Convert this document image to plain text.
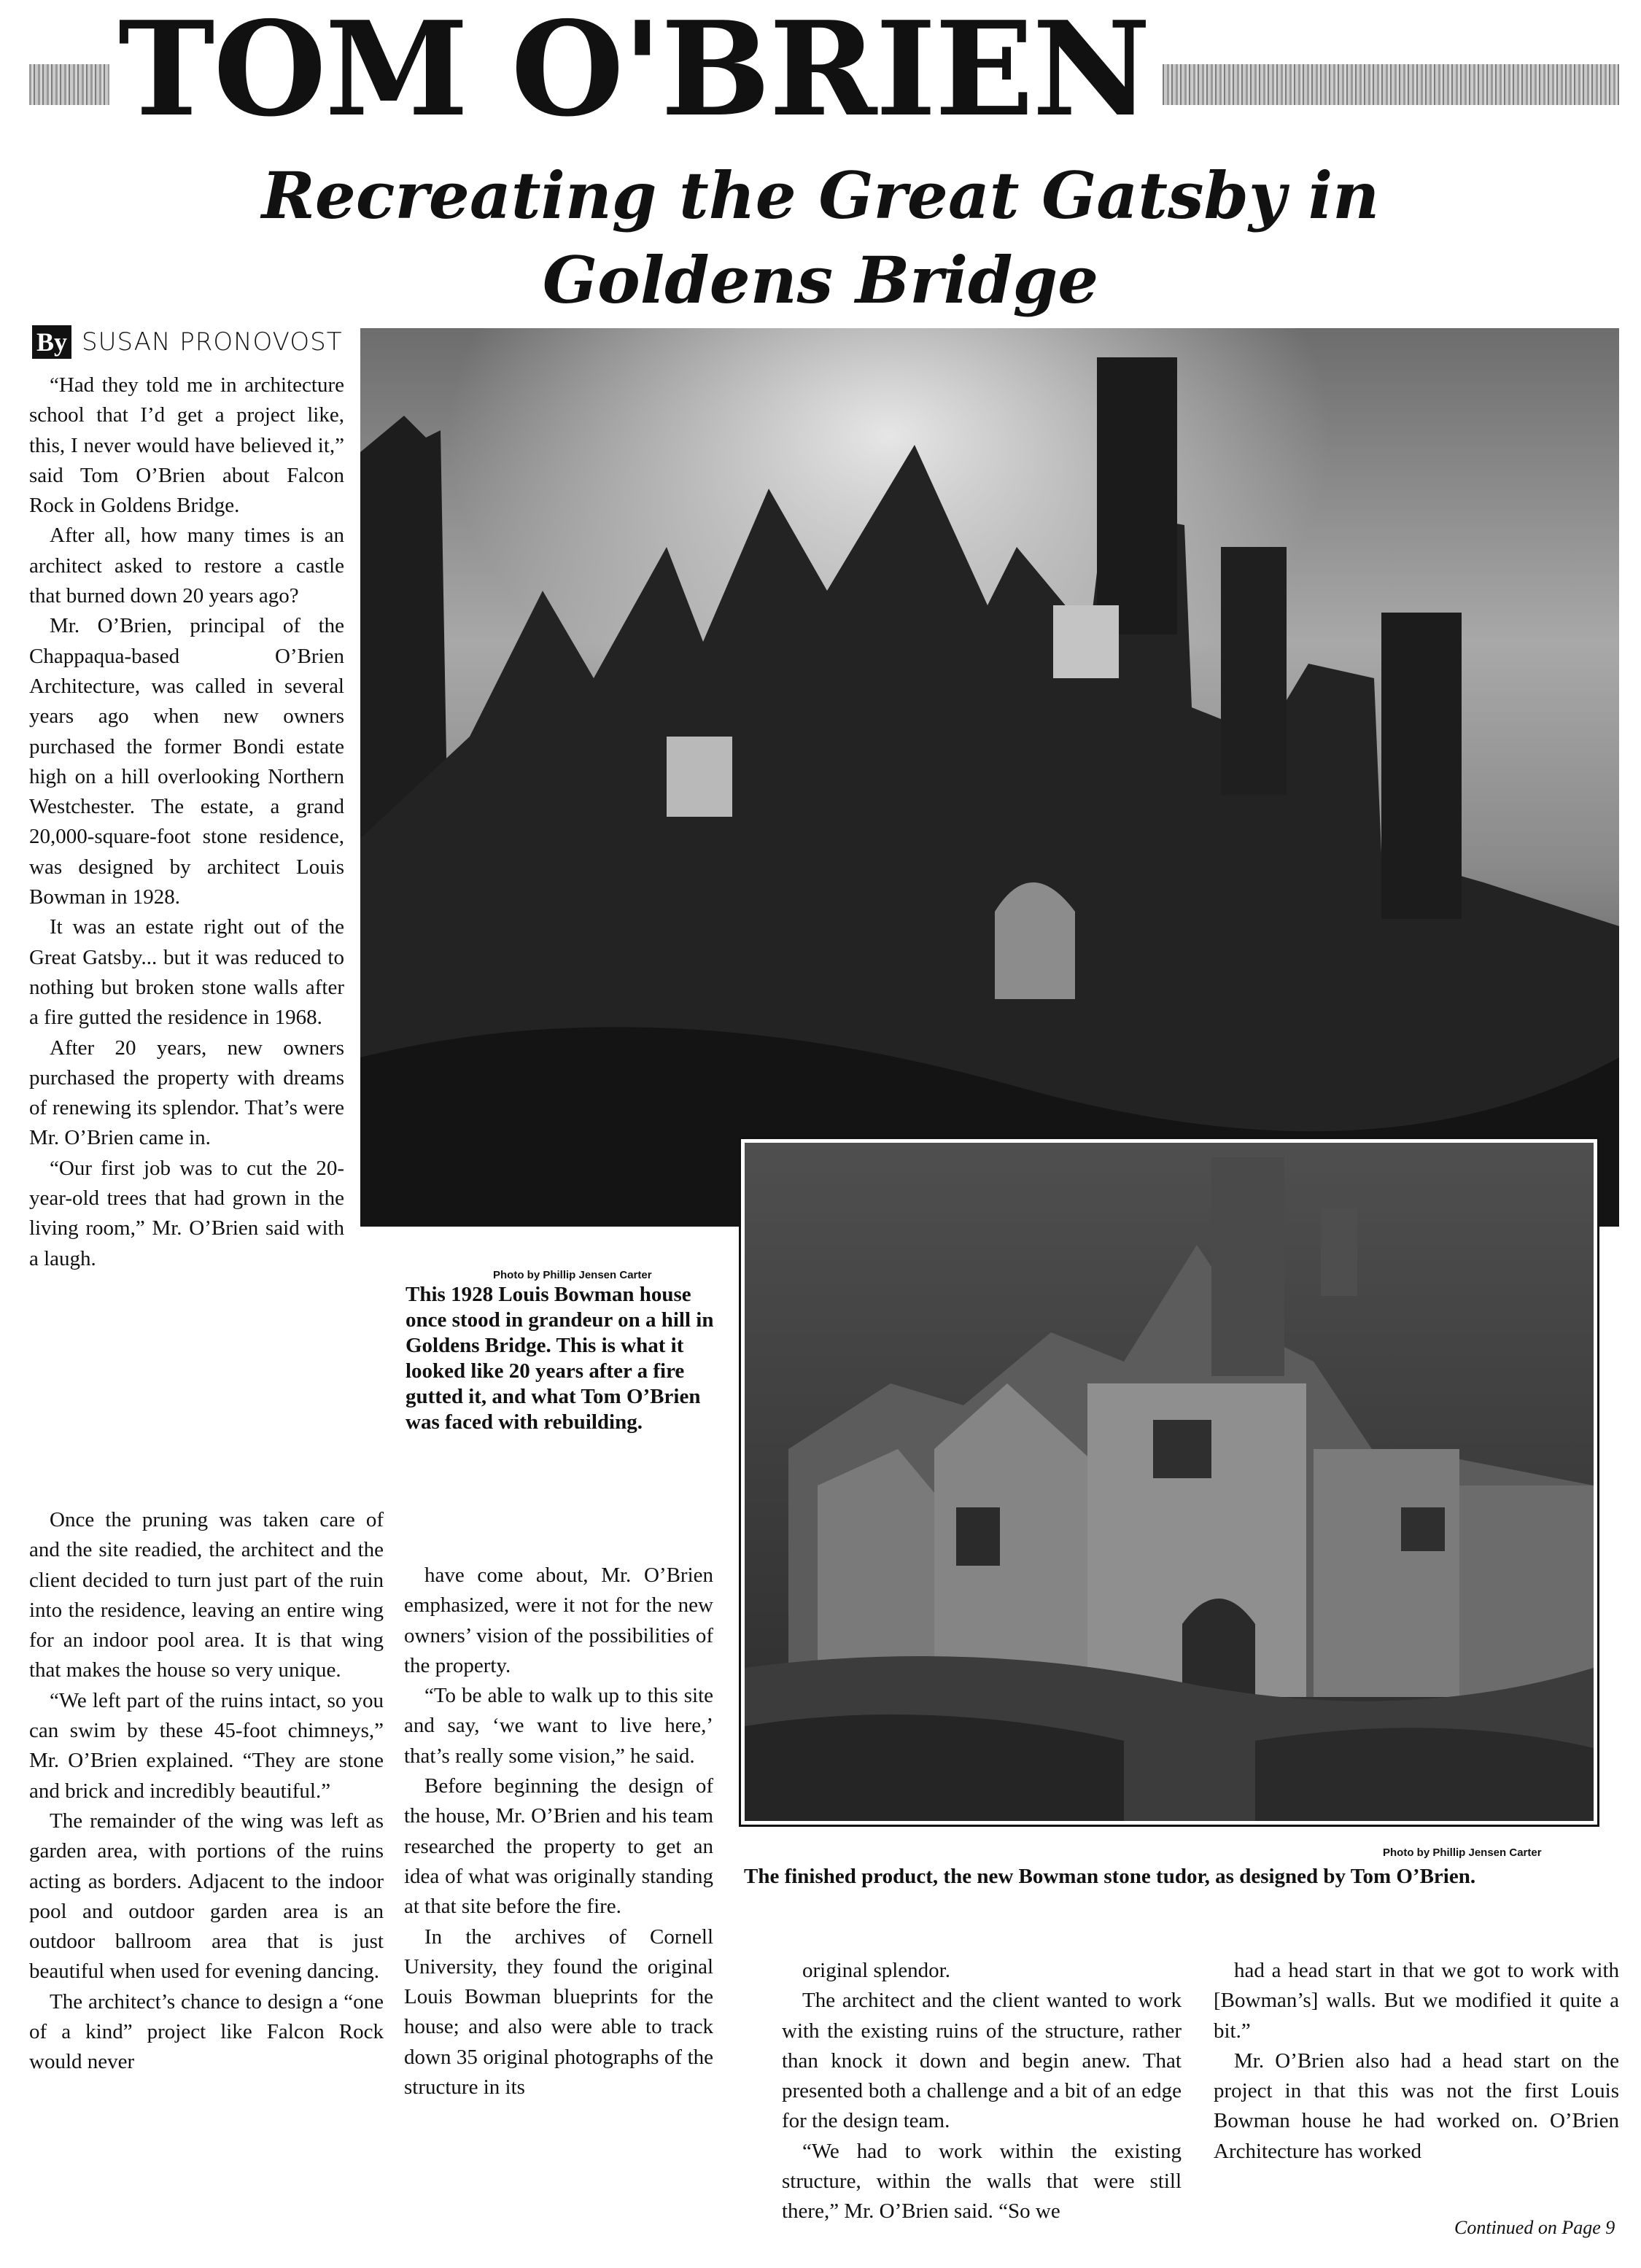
TOM O'BRIEN
Recreating the Great Gatsby in
Goldens Bridge
By SUSAN PRONOVOST
Photo by Phillip Jensen Carter

This 1928 Louis Bowman house once stood in grandeur on a hill in Goldens Bridge. This is what it looked like 20 years after a fire gutted it, and what Tom O’Brien was faced with rebuilding.

Photo by Phillip Jensen Carter

The finished product, the new Bowman stone tudor, as designed by Tom O’Brien.

“Had they told me in architecture school that I’d get a project like, this, I never would have believed it,” said Tom O’Brien about Falcon Rock in Goldens Bridge.

After all, how many times is an architect asked to restore a castle that burned down 20 years ago?

Mr. O’Brien, principal of the Chappaqua-based O’Brien Architecture, was called in several years ago when new owners purchased the former Bondi estate high on a hill overlooking Northern Westchester. The estate, a grand 20,000-square-foot stone residence, was designed by architect Louis Bowman in 1928.

It was an estate right out of the Great Gatsby... but it was reduced to nothing but broken stone walls after a fire gutted the residence in 1968.

After 20 years, new owners purchased the property with dreams of renewing its splendor. That’s were Mr. O’Brien came in.

“Our first job was to cut the 20-year-old trees that had grown in the living room,” Mr. O’Brien said with a laugh.

Once the pruning was taken care of and the site readied, the architect and the client decided to turn just part of the ruin into the residence, leaving an entire wing for an indoor pool area. It is that wing that makes the house so very unique.

“We left part of the ruins intact, so you can swim by these 45-foot chimneys,” Mr. O’Brien explained. “They are stone and brick and incredibly beautiful.”

The remainder of the wing was left as garden area, with portions of the ruins acting as borders. Adjacent to the indoor pool and outdoor garden area is an outdoor ballroom area that is just beautiful when used for evening dancing.

The architect’s chance to design a “one of a kind” project like Falcon Rock would never

have come about, Mr. O’Brien emphasized, were it not for the new owners’ vision of the possibilities of the property.

“To be able to walk up to this site and say, ‘we want to live here,’ that’s really some vision,” he said.

Before beginning the design of the house, Mr. O’Brien and his team researched the property to get an idea of what was originally standing at that site before the fire.

In the archives of Cornell University, they found the original Louis Bowman blueprints for the house; and also were able to track down 35 original photographs of the structure in its

original splendor.

The architect and the client wanted to work with the existing ruins of the structure, rather than knock it down and begin anew. That presented both a challenge and a bit of an edge for the design team.

“We had to work within the existing structure, within the walls that were still there,” Mr. O’Brien said. “So we

had a head start in that we got to work with [Bowman’s] walls. But we modified it quite a bit.”

Mr. O’Brien also had a head start on the project in that this was not the first Louis Bowman house he had worked on. O’Brien Architecture has worked

Continued on Page 9
